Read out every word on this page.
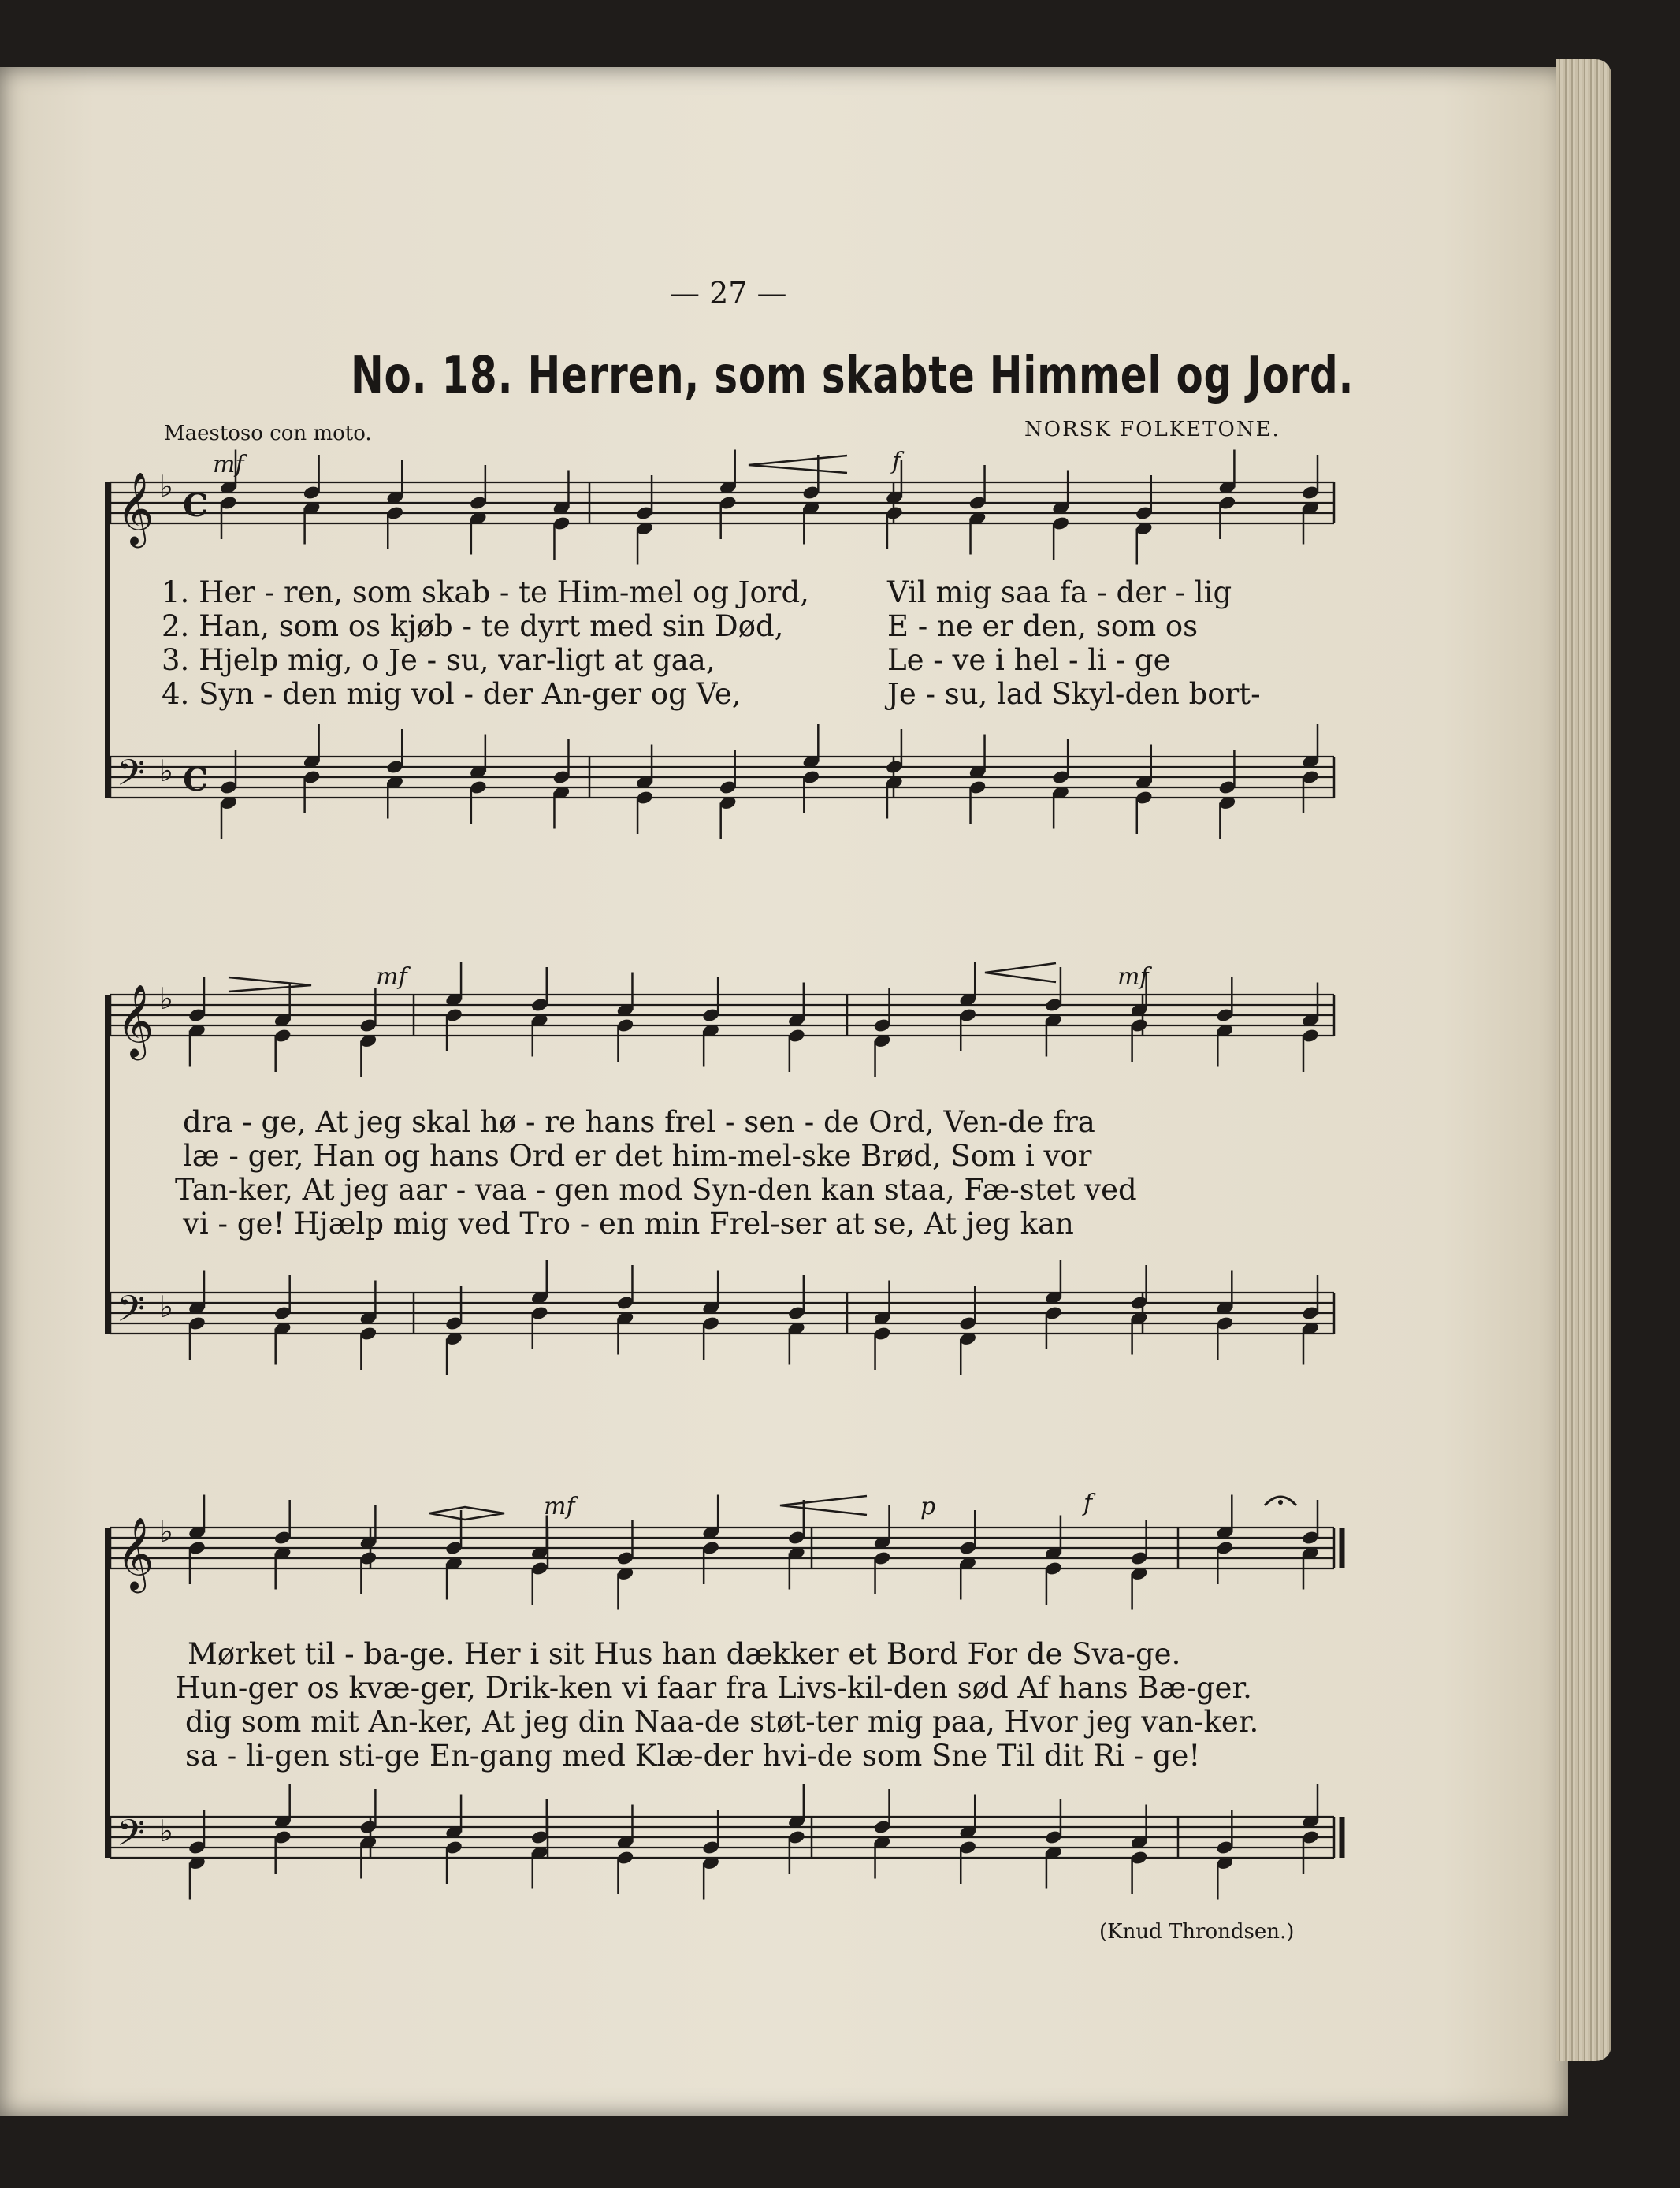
— 27 —
No. 18. Herren, som skabte Himmel og Jord.
Maestoso con moto.	NORSK FOLKETONE.
𝄞 ♭
C
𝄢 ♭ C
𝄞 ♭
𝄢 ♭
𝄞 ♭
𝄢 ♭
mf	f
mf	mf
mf	p	f
1. Her - ren, som skab - te Him-mel og Jord,	Vil mig saa fa - der - lig
2. Han, som os kjøb - te dyrt med sin Død,	E - ne er den, som os
3. Hjelp mig, o Je - su, var-ligt at gaa,	Le - ve i hel - li - ge
4. Syn - den mig vol - der An-ger og Ve,	Je - su, lad Skyl-den bort-
dra - ge, At jeg skal hø - re hans frel - sen - de Ord, Ven-de fra
læ - ger, Han og hans Ord er det him-mel-ske Brød, Som i vor
Tan-ker, At jeg aar - vaa - gen mod Syn-den kan staa, Fæ-stet ved
vi - ge! Hjælp mig ved Tro - en min Frel-ser at se, At jeg kan
Mørket til - ba-ge. Her i sit Hus han dækker et Bord For de Sva-ge.
Hun-ger os kvæ-ger, Drik-ken vi faar fra Livs-kil-den sød Af hans Bæ-ger.
dig som mit An-ker, At jeg din Naa-de støt-ter mig paa, Hvor jeg van-ker.
sa - li-gen sti-ge En-gang med Klæ-der hvi-de som Sne Til dit Ri - ge!
(Knud Throndsen.)
